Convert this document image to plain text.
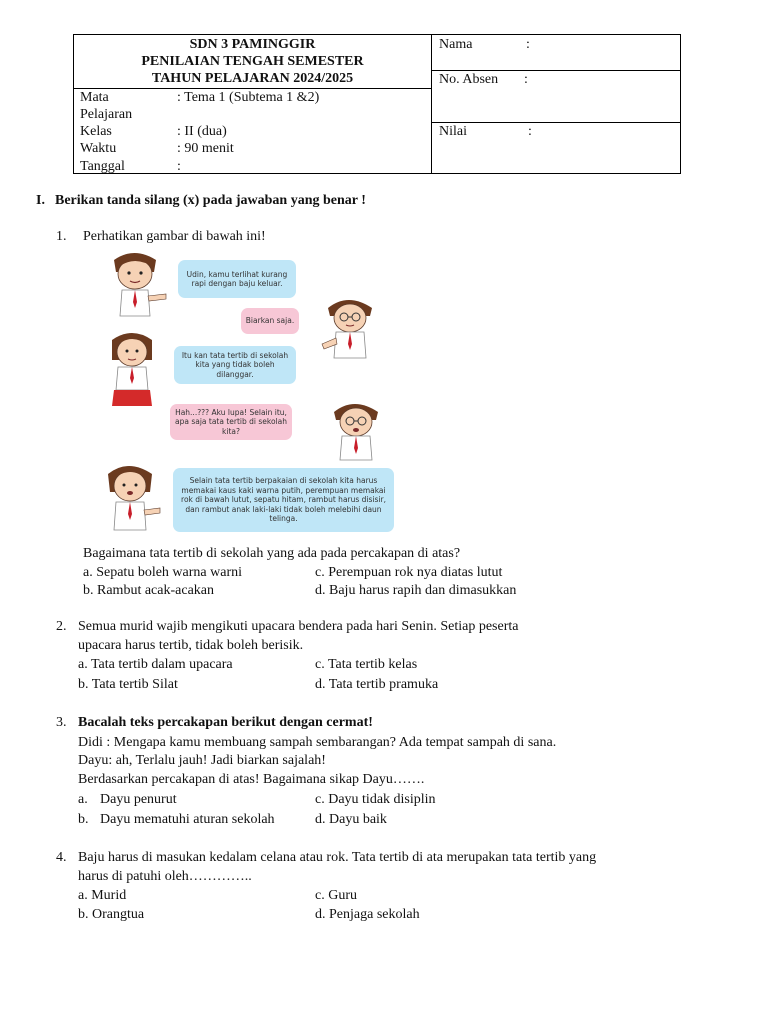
SDN 3 PAMINGGIR
PENILAIAN TENGAH SEMESTER
TAHUN PELAJARAN 2024/2025
Mata
Pelajaran
: Tema 1 (Subtema 1 &2)
Kelas	: II (dua)
Waktu	: 90 menit
Tanggal	:
Nama	:
No. Absen :
Nilai	:
I. Berikan tanda silang (x) pada jawaban yang benar !
1. Perhatikan gambar di bawah ini!
Udin, kamu terlihat kurang rapi dengan baju keluar.
Biarkan saja.
Itu kan tata tertib di sekolah kita yang tidak boleh dilanggar.
Hah...??? Aku lupa! Selain itu, apa saja tata tertib di sekolah kita?
Selain tata tertib berpakaian di sekolah kita harus memakai kaus kaki warna putih, perempuan memakai rok di bawah lutut, sepatu hitam, rambut harus disisir, dan rambut anak laki-laki tidak boleh melebihi daun telinga.
Bagaimana tata tertib di sekolah yang ada pada percakapan di atas?
a. Sepatu boleh warna warni	c. Perempuan rok nya diatas lutut
b. Rambut acak-acakan	d. Baju harus rapih dan dimasukkan
2. Semua murid wajib mengikuti upacara bendera pada hari Senin. Setiap peserta
upacara harus tertib, tidak boleh berisik.
a. Tata tertib dalam upacara	c. Tata tertib kelas
b. Tata tertib Silat	d. Tata tertib pramuka
3. Bacalah teks percakapan berikut dengan cermat!
Didi : Mengapa kamu membuang sampah sembarangan? Ada tempat sampah di sana.
Dayu: ah, Terlalu jauh! Jadi biarkan sajalah!
Berdasarkan percakapan di atas! Bagaimana sikap Dayu…….
a. Dayu penurut	c. Dayu tidak disiplin
b. Dayu mematuhi aturan sekolah	d. Dayu baik
4. Baju harus di masukan kedalam celana atau rok. Tata tertib di ata merupakan tata tertib yang
harus di patuhi oleh…………..
a. Murid	c. Guru
b. Orangtua	d. Penjaga sekolah
